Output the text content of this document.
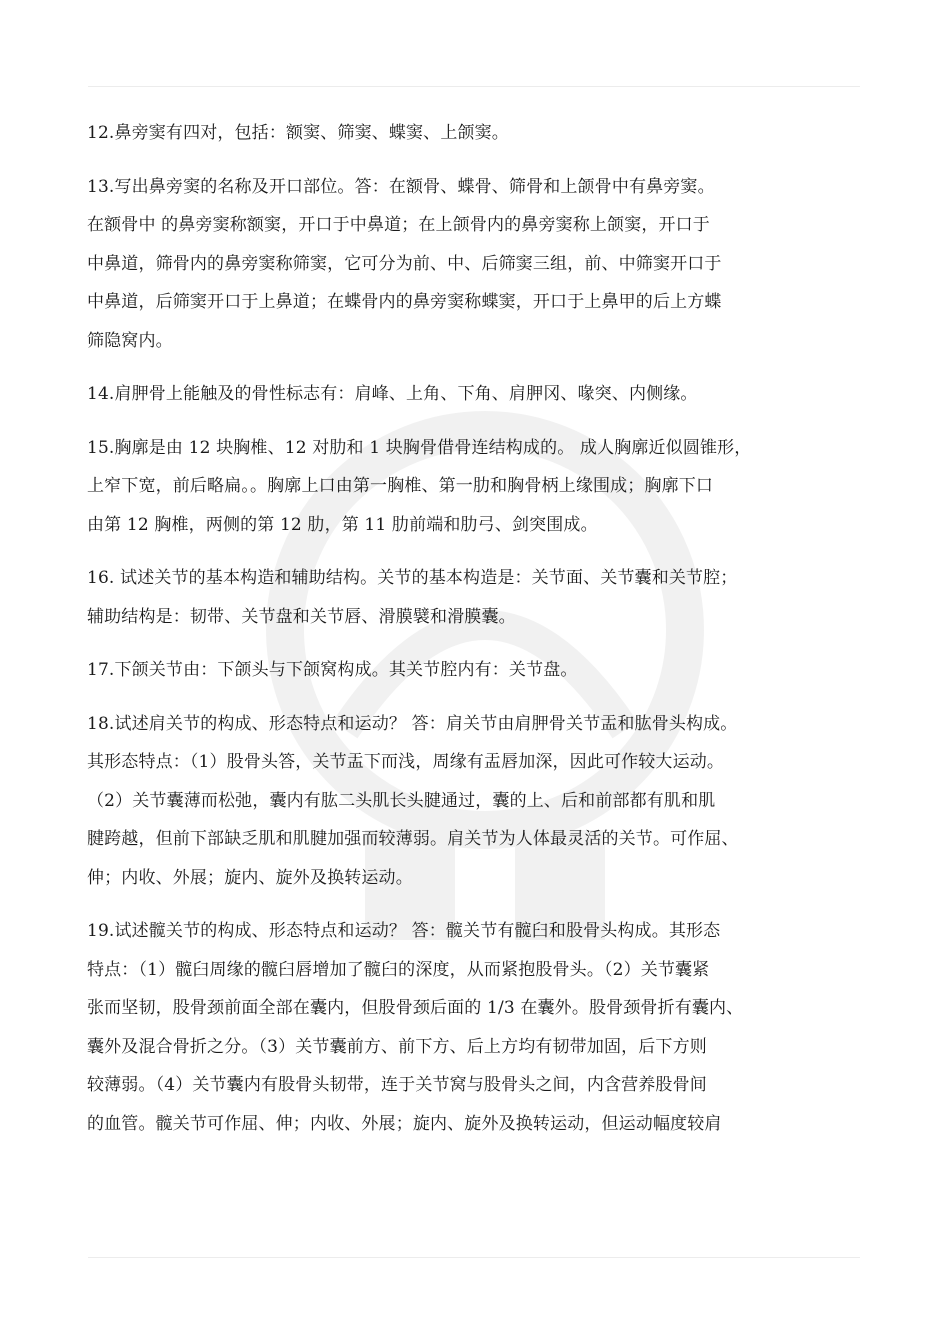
12.鼻旁窦有四对，包括：额窦、筛窦、蝶窦、上颌窦。
13.写出鼻旁窦的名称及开口部位。答：在额骨、蝶骨、筛骨和上颌骨中有鼻旁窦。
在额骨中 的鼻旁窦称额窦，开口于中鼻道；在上颌骨内的鼻旁窦称上颌窦，开口于
中鼻道，筛骨内的鼻旁窦称筛窦，它可分为前、中、后筛窦三组，前、中筛窦开口于
中鼻道，后筛窦开口于上鼻道；在蝶骨内的鼻旁窦称蝶窦，开口于上鼻甲的后上方蝶
筛隐窝内。
14.肩胛骨上能触及的骨性标志有：肩峰、上角、下角、肩胛冈、喙突、内侧缘。
15.胸廓是由 12 块胸椎、12 对肋和 1 块胸骨借骨连结构成的。 成人胸廓近似圆锥形，
上窄下宽，前后略扁。。胸廓上口由第一胸椎、第一肋和胸骨柄上缘围成；胸廓下口
由第 12 胸椎，两侧的第 12 肋，第 11 肋前端和肋弓、剑突围成。
16. 试述关节的基本构造和辅助结构。关节的基本构造是：关节面、关节囊和关节腔；
辅助结构是：韧带、关节盘和关节唇、滑膜襞和滑膜囊。
17.下颌关节由：下颌头与下颌窝构成。其关节腔内有：关节盘。
18.试述肩关节的构成、形态特点和运动？ 答：肩关节由肩胛骨关节盂和肱骨头构成。
其形态特点：（1）股骨头答，关节盂下而浅，周缘有盂唇加深，因此可作较大运动。
（2）关节囊薄而松弛，囊内有肱二头肌长头腱通过，囊的上、后和前部都有肌和肌
腱跨越，但前下部缺乏肌和肌腱加强而较薄弱。肩关节为人体最灵活的关节。可作屈、
伸；内收、外展；旋内、旋外及换转运动。
19.试述髋关节的构成、形态特点和运动？ 答：髋关节有髋臼和股骨头构成。其形态
特点：（1）髋臼周缘的髋臼唇增加了髋臼的深度，从而紧抱股骨头。（2）关节囊紧
张而坚韧，股骨颈前面全部在囊内，但股骨颈后面的 1/3 在囊外。股骨颈骨折有囊内、
囊外及混合骨折之分。（3）关节囊前方、前下方、后上方均有韧带加固，后下方则
较薄弱。（4）关节囊内有股骨头韧带，连于关节窝与股骨头之间，内含营养股骨间
的血管。髋关节可作屈、伸；内收、外展；旋内、旋外及换转运动，但运动幅度较肩
